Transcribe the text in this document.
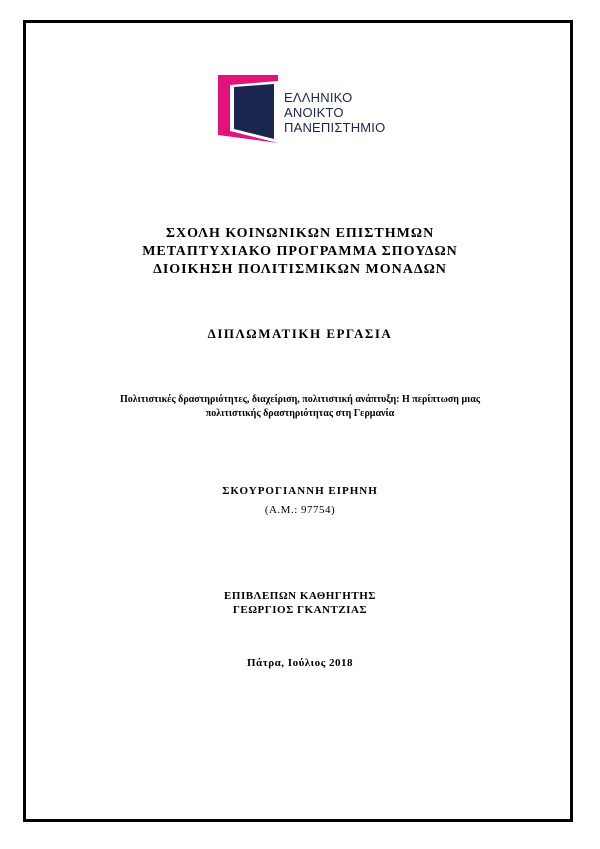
ΕΛΛΗΝΙΚΟ
ΑΝΟΙΚΤΟ
ΠΑΝΕΠΙΣΤΗΜΙΟ
ΣΧΟΛΗ ΚΟΙΝΩΝΙΚΩΝ ΕΠΙΣΤΗΜΩΝ
ΜΕΤΑΠΤΥΧΙΑΚΟ ΠΡΟΓΡΑΜΜΑ ΣΠΟΥΔΩΝ
ΔΙΟΙΚΗΣΗ ΠΟΛΙΤΙΣΜΙΚΩΝ ΜΟΝΑΔΩΝ
ΔΙΠΛΩΜΑΤΙΚΗ ΕΡΓΑΣΙΑ
Πολιτιστικές δραστηριότητες, διαχείριση, πολιτιστική ανάπτυξη: Η περίπτωση μιας
πολιτιστικής δραστηριότητας στη Γερμανία
ΣΚΟΥΡΟΓΙΑΝΝΗ ΕΙΡΗΝΗ
(Α.Μ.: 97754)
ΕΠΙΒΛΕΠΩΝ ΚΑΘΗΓΗΤΗΣ
ΓΕΩΡΓΙΟΣ ΓΚΑΝΤΖΙΑΣ
Πάτρα, Ιούλιος 2018
